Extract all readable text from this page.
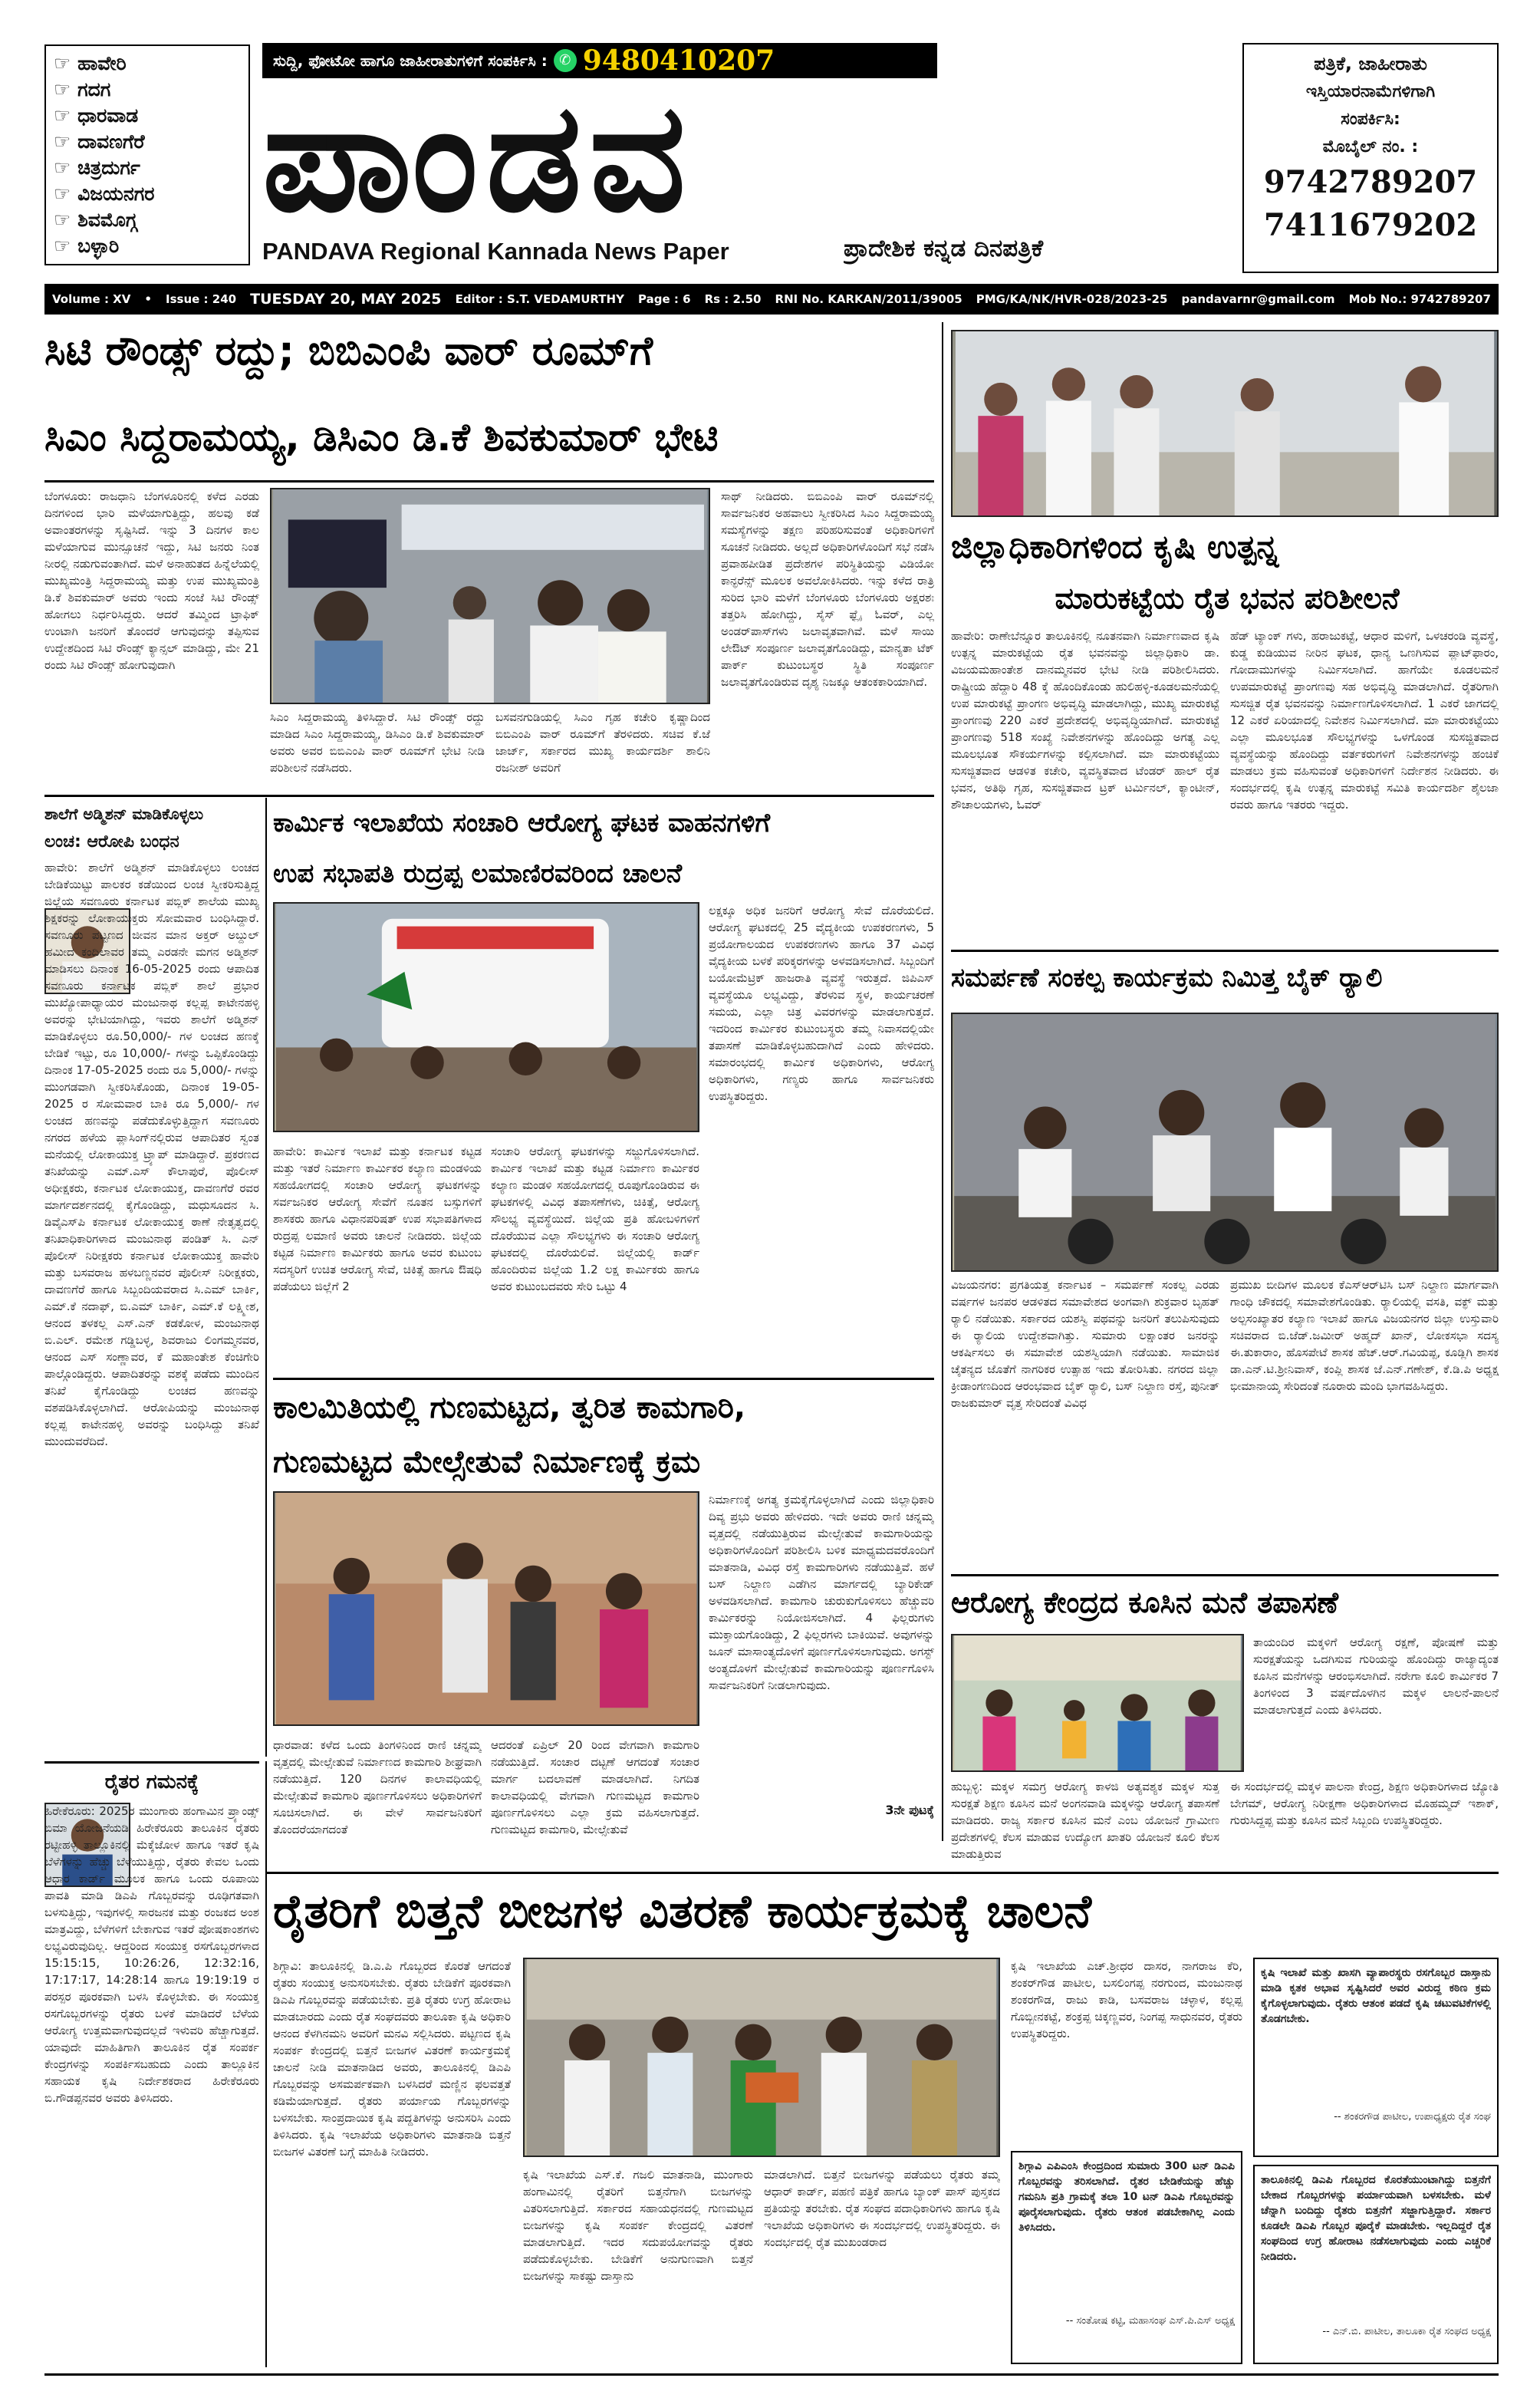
☞ ಹಾವೇರಿ
☞ ಗದಗ
☞ ಧಾರವಾಡ
☞ ದಾವಣಗೆರೆ
☞ ಚಿತ್ರದುರ್ಗ
☞ ವಿಜಯನಗರ
☞ ಶಿವಮೊಗ್ಗ
☞ ಬಳ್ಳಾರಿ
ಸುದ್ದಿ, ಫೋಟೋ ಹಾಗೂ ಜಾಹೀರಾತುಗಳಿಗೆ ಸಂಪರ್ಕಿಸಿ : ✆ 9480410207
ಪಾಂಡವ
PANDAVA Regional Kannada News Paper	ಪ್ರಾದೇಶಿಕ ಕನ್ನಡ ದಿನಪತ್ರಿಕೆ
ಪತ್ರಿಕೆ, ಜಾಹೀರಾತು
ಇಸ್ತಿಯಾರನಾಮೆಗಳಿಗಾಗಿ
ಸಂಪರ್ಕಿಸಿ:
ಮೊಬೈಲ್ ನಂ. :
9742789207
7411679202
Volume : XV • Issue : 240 TUESDAY 20, MAY 2025 Editor : S.T. VEDAMURTHY Page : 6 Rs : 2.50 RNI No. KARKAN/2011/39005 PMG/KA/NK/HVR-028/2023-25 pandavarnr@gmail.com Mob No.: 9742789207
ಸಿಟಿ ರೌಂಡ್ಸ್ ರದ್ದು; ಬಿಬಿಎಂಪಿ ವಾರ್ ರೂಮ್‌ಗೆ
ಸಿಎಂ ಸಿದ್ದರಾಮಯ್ಯ, ಡಿಸಿಎಂ ಡಿ.ಕೆ ಶಿವಕುಮಾರ್ ಭೇಟಿ
ಬೆಂಗಳೂರು: ರಾಜಧಾನಿ ಬೆಂಗಳೂರಿನಲ್ಲಿ ಕಳೆದ ಎರಡು ದಿನಗಳಿಂದ ಭಾರಿ ಮಳೆಯಾಗುತ್ತಿದ್ದು, ಹಲವು ಕಡೆ ಅವಾಂತರಗಳನ್ನು ಸೃಷ್ಟಿಸಿದೆ. ಇನ್ನು 3 ದಿನಗಳ ಕಾಲ ಮಳೆಯಾಗುವ ಮುನ್ಸೂಚನೆ ಇದ್ದು, ಸಿಟಿ ಜನರು ನಿಂತ ನೀರಲ್ಲಿ ನಡುಗುವಂತಾಗಿದೆ. ಮಳೆ ಅನಾಹುತದ ಹಿನ್ನೆಲೆಯಲ್ಲಿ ಮುಖ್ಯಮಂತ್ರಿ ಸಿದ್ದರಾಮಯ್ಯ ಮತ್ತು ಉಪ ಮುಖ್ಯಮಂತ್ರಿ ಡಿ.ಕೆ ಶಿವಕುಮಾರ್ ಅವರು ಇಂದು ಸಂಜೆ ಸಿಟಿ ರೌಂಡ್ಸ್ ಹೋಗಲು ನಿರ್ಧರಿಸಿದ್ದರು. ಆದರೆ ತಮ್ಮಿಂದ ಟ್ರಾಫಿಕ್ ಉಂಟಾಗಿ ಜನರಿಗೆ ತೊಂದರೆ ಆಗುವುದನ್ನು ತಪ್ಪಿಸುವ ಉದ್ದೇಶದಿಂದ ಸಿಟಿ ರೌಂಡ್ಸ್ ಕ್ಯಾನ್ಸಲ್ ಮಾಡಿದ್ದು, ಮೇ 21 ರಂದು ಸಿಟಿ ರೌಂಡ್ಸ್ ಹೋಗುವುದಾಗಿ
ಸಿಎಂ ಸಿದ್ದರಾಮಯ್ಯ ತಿಳಿಸಿದ್ದಾರೆ. ಸಿಟಿ ರೌಂಡ್ಸ್ ರದ್ದು ಮಾಡಿದ ಸಿಎಂ ಸಿದ್ದರಾಮಯ್ಯ, ಡಿಸಿಎಂ ಡಿ.ಕೆ ಶಿವಕುಮಾರ್ ಅವರು ಅವರ ಬಿಬಿಎಂಪಿ ವಾರ್ ರೂಮ್‌ಗೆ ಭೇಟಿ ನೀಡಿ ಪರಿಶೀಲನೆ ನಡೆಸಿದರು.
ಬಸವನಗುಡಿಯಲ್ಲಿ ಸಿಎಂ ಗೃಹ ಕಚೇರಿ ಕೃಷ್ಣಾದಿಂದ ಬಿಬಿಎಂಪಿ ವಾರ್ ರೂಮ್‌ಗೆ ತೆರಳಿದರು. ಸಚಿವ ಕೆ.ಜೆ ಜಾರ್ಜ್, ಸರ್ಕಾರದ ಮುಖ್ಯ ಕಾರ್ಯದರ್ಶಿ ಶಾಲಿನಿ ರಜನೀಶ್ ಅವರಿಗೆ
ಸಾಥ್ ನೀಡಿದರು. ಬಿಬಿಎಂಪಿ ವಾರ್ ರೂಮ್‌ನಲ್ಲಿ ಸಾರ್ವಜನಿಕರ ಅಹವಾಲು ಸ್ವೀಕರಿಸಿದ ಸಿಎಂ ಸಿದ್ದರಾಮಯ್ಯ ಸಮಸ್ಯೆಗಳನ್ನು ತಕ್ಷಣ ಪರಿಹರಿಸುವಂತೆ ಅಧಿಕಾರಿಗಳಿಗೆ ಸೂಚನೆ ನೀಡಿದರು. ಅಲ್ಲದೆ ಅಧಿಕಾರಿಗಳೊಂದಿಗೆ ಸಭೆ ನಡೆಸಿ ಪ್ರವಾಹಪೀಡಿತ ಪ್ರದೇಶಗಳ ಪರಿಸ್ಥಿತಿಯನ್ನು ವಿಡಿಯೋ ಕಾನ್ಫರೆನ್ಸ್ ಮೂಲಕ ಅವಲೋಕಿಸಿದರು. ಇನ್ನು ಕಳೆದ ರಾತ್ರಿ ಸುರಿದ ಭಾರಿ ಮಳೆಗೆ ಬೆಂಗಳೂರು ಬೆಂಗಳೂರು ಅಕ್ಷರಶಃ ತತ್ತರಿಸಿ ಹೋಗಿದ್ದು, ಸೈಸ್ ಫ್ಲೈ ಓವರ್, ಎಲ್ಲ ಅಂಡರ್‌ಪಾಸ್‌ಗಳು ಜಲಾವೃತವಾಗಿವೆ. ಮಳೆ ಸಾಯಿ ಲೇಔಟ್ ಸಂಪೂರ್ಣ ಜಲಾವೃತಗೊಂಡಿದ್ದು, ಮಾನ್ಯತಾ ಟೆಕ್ ಪಾರ್ಕ್ ಕುಟುಂಬಸ್ಥರ ಸ್ಥಿತಿ ಸಂಪೂರ್ಣ ಜಲಾವೃತಗೊಂಡಿರುವ ದೃಶ್ಯ ನಿಜಕ್ಕೂ ಆತಂಕಕಾರಿಯಾಗಿದೆ.
ಜಿಲ್ಲಾಧಿಕಾರಿಗಳಿಂದ ಕೃಷಿ ಉತ್ಪನ್ನ
ಮಾರುಕಟ್ಟೆಯ ರೈತ ಭವನ ಪರಿಶೀಲನೆ
ಹಾವೇರಿ: ರಾಣೇಬೆನ್ನೂರ ತಾಲೂಕಿನಲ್ಲಿ ನೂತನವಾಗಿ ನಿರ್ಮಾಣವಾದ ಕೃಷಿ ಉತ್ಪನ್ನ ಮಾರುಕಟ್ಟೆಯ ರೈತ ಭವನವನ್ನು ಜಿಲ್ಲಾಧಿಕಾರಿ ಡಾ. ವಿಜಯಮಹಾಂತೇಶ ದಾನಮ್ಮನವರ ಭೇಟಿ ನೀಡಿ ಪರಿಶೀಲಿಸಿದರು. ರಾಷ್ಟ್ರೀಯ ಹೆದ್ದಾರಿ 48 ಕ್ಕೆ ಹೊಂದಿಕೊಂಡು ಹುಲಿಹಳ್ಳಿ-ಕೂಡಲಮನೆಯಲ್ಲಿ ಉಪ ಮಾರುಕಟ್ಟೆ ಪ್ರಾಂಗಣ ಅಭಿವೃದ್ಧಿ ಮಾಡಲಾಗಿದ್ದು, ಮುಖ್ಯ ಮಾರುಕಟ್ಟೆ ಪ್ರಾಂಗಣವು 220 ಎಕರೆ ಪ್ರದೇಶದಲ್ಲಿ ಅಭಿವೃದ್ಧಿಯಾಗಿದೆ. ಮಾರುಕಟ್ಟೆ ಪ್ರಾಂಗಣವು 518 ಸಂಖ್ಯೆ ನಿವೇಶನಗಳನ್ನು ಹೊಂದಿದ್ದು ಅಗತ್ಯ ಎಲ್ಲ ಮೂಲಭೂತ ಸೌಕರ್ಯಗಳನ್ನು ಕಲ್ಪಿಸಲಾಗಿದೆ. ಮಾ ಮಾರುಕಟ್ಟೆಯು ಸುಸಜ್ಜಿತವಾದ ಆಡಳಿತ ಕಚೇರಿ, ವ್ಯವಸ್ಥಿತವಾದ ಟೆಂಡರ್ ಹಾಲ್ ರೈತ ಭವನ, ಅತಿಥಿ ಗೃಹ, ಸುಸಜ್ಜಿತವಾದ ಟ್ರಕ್ ಟರ್ಮಿನಲ್, ಕ್ಯಾಂಟೀನ್, ಶೌಚಾಲಯಗಳು, ಓವರ್
ಹೆಡ್ ಟ್ಯಾಂಕ್ ಗಳು, ಹರಾಜುಕಟ್ಟೆ, ಆಧಾರ ಮಳಿಗೆ, ಒಳಚರಂಡಿ ವ್ಯವಸ್ಥೆ, ಕುಡ್ಡ ಕುಡಿಯುವ ನೀರಿನ ಘಟಕ, ಧಾನ್ಯ ಒಣಗಿಸುವ ಪ್ಲಾಟ್‌ಫಾರಂ, ಗೋದಾಮುಗಳನ್ನು ನಿರ್ಮಿಸಲಾಗಿದೆ. ಹಾಗೆಯೇ ಕೂಡಲಮನೆ ಉಪಮಾರುಕಟ್ಟೆ ಪ್ರಾಂಗಣವು ಸಹ ಅಭಿವೃದ್ಧಿ ಮಾಡಲಾಗಿದೆ. ರೈತರಿಗಾಗಿ ಸುಸಜ್ಜಿತ ರೈತ ಭವನವನ್ನು ನಿರ್ಮಾಣಗೊಳಿಸಲಾಗಿದೆ. 1 ಎಕರೆ ಜಾಗದಲ್ಲಿ 12 ಎಕರೆ ಏರಿಯಾದಲ್ಲಿ ನಿವೇಶನ ನಿರ್ಮಿಸಲಾಗಿದೆ. ಮಾ ಮಾರುಕಟ್ಟೆಯು ಎಲ್ಲಾ ಮೂಲಭೂತ ಸೌಲಭ್ಯಗಳನ್ನು ಒಳಗೊಂಡ ಸುಸಜ್ಜಿತವಾದ ವ್ಯವಸ್ಥೆಯನ್ನು ಹೊಂದಿದ್ದು ವರ್ತಕರುಗಳಿಗೆ ನಿವೇಶನಗಳನ್ನು ಹಂಚಿಕೆ ಮಾಡಲು ಕ್ರಮ ವಹಿಸುವಂತೆ ಅಧಿಕಾರಿಗಳಿಗೆ ನಿರ್ದೇಶನ ನೀಡಿದರು. ಈ ಸಂದರ್ಭದಲ್ಲಿ ಕೃಷಿ ಉತ್ಪನ್ನ ಮಾರುಕಟ್ಟೆ ಸಮಿತಿ ಕಾರ್ಯದರ್ಶಿ ಶೈಲಜಾ ರವರು ಹಾಗೂ ಇತರರು ಇದ್ದರು.
ಶಾಲೆಗೆ ಅಡ್ಮಿಶನ್ ಮಾಡಿಕೊಳ್ಳಲು
ಲಂಚ: ಆರೋಪಿ ಬಂಧನ
ಹಾವೇರಿ: ಶಾಲೆಗೆ ಅಡ್ಮಿಶನ್ ಮಾಡಿಕೊಳ್ಳಲು ಲಂಚದ ಬೇಡಿಕೆಯಿಟ್ಟು ಪಾಲಕರ ಕಡೆಯಿಂದ ಲಂಚ ಸ್ವೀಕರಿಸುತ್ತಿದ್ದ ಜಿಲ್ಲೆಯ ಸವಣೂರು ಕರ್ನಾಟಕ ಪಬ್ಲಿಕ್ ಶಾಲೆಯ ಮುಖ್ಯ ಶಿಕ್ಷಕರನ್ನು ಲೋಕಾಯುಕ್ತರು ಸೋಮವಾರ ಬಂಧಿಸಿದ್ದಾರೆ. ಸವಣೂರು ಪಟ್ಟಣದ ಜೀವನ ಮಾನ ಅಕ್ತರ್ ಅಬ್ದುಲ್ ಹಮೀದ ಕಂದಿಲಾವರ ತಮ್ಮ ಎರಡನೇ ಮಗನ ಅಡ್ಮಿಶನ್ ಮಾಡಿಸಲು ದಿನಾಂಕ 16-05-2025 ರಂದು ಆಪಾದಿತ ಸವಣೂರು ಕರ್ನಾಟಕ ಪಬ್ಲಿಕ್ ಶಾಲೆ ಪ್ರಭಾರ ಮುಖ್ಯೋಪಾಧ್ಯಾಯರ ಮಂಜುನಾಥ ಕಲ್ಲಪ್ಪ ಕಾಟೇನಹಳ್ಳಿ ಅವರನ್ನು ಭೇಟಿಯಾಗಿದ್ದು, ಇವರು ಶಾಲೆಗೆ ಅಡ್ಮಿಶನ್ ಮಾಡಿಕೊಳ್ಳಲು ರೂ.50,000/- ಗಳ ಲಂಚದ ಹಣಕ್ಕೆ ಬೇಡಿಕೆ ಇಟ್ಟು, ರೂ 10,000/- ಗಳನ್ನು ಒಪ್ಪಿಕೊಂಡಿದ್ದು ದಿನಾಂಕ 17-05-2025 ರಂದು ರೂ 5,000/- ಗಳನ್ನು ಮುಂಗಡವಾಗಿ ಸ್ವೀಕರಿಸಿಕೊಂಡು, ದಿನಾಂಕ 19-05-2025 ರ ಸೋಮವಾರ ಬಾಕಿ ರೂ 5,000/- ಗಳ ಲಂಚದ ಹಣವನ್ನು ಪಡೆದುಕೊಳ್ಳುತ್ತಿದ್ದಾಗ ಸವಣೂರು ನಗರದ ಹಳೆಯ ಪ್ಲಾಸಿಂಗ್‌ನಲ್ಲಿರುವ ಆಪಾದಿತರ ಸ್ವಂತ ಮನೆಯಲ್ಲಿ ಲೋಕಾಯುಕ್ತ ಟ್ರ್ಯಾಪ್ ಮಾಡಿದ್ದಾರೆ. ಪ್ರಕರಣದ ತನಿಖೆಯನ್ನು ಎಮ್.ಎಸ್ ಕೌಲಾಪುರೆ, ಪೊಲೀಸ್ ಅಧೀಕ್ಷಕರು, ಕರ್ನಾಟಕ ಲೋಕಾಯುಕ್ತ, ದಾವಣಗೆರೆ ರವರ ಮಾರ್ಗದರ್ಶನದಲ್ಲಿ ಕೈಗೊಂಡಿದ್ದು, ಮಧುಸೂದನ ಸಿ. ಡಿವೈಎಸ್‌ಪಿ ಕರ್ನಾಟಕ ಲೋಕಾಯುಕ್ತ ಠಾಣೆ ನೇತೃತ್ವದಲ್ಲಿ ತನಿಖಾಧಿಕಾರಿಗಳಾದ ಮಂಜುನಾಥ ಪಂಡಿತ್ ಸಿ. ಎನ್ ಪೊಲೀಸ್ ನಿರೀಕ್ಷಕರು ಕರ್ನಾಟಕ ಲೋಕಾಯುಕ್ತ ಹಾವೇರಿ ಮತ್ತು ಬಸವರಾಜ ಹಳಬಣ್ಣನವರ ಪೊಲೀಸ್ ನಿರೀಕ್ಷಕರು, ದಾವಣಗೆರೆ ಹಾಗೂ ಸಿಬ್ಬಂದಿಯವರಾದ ಸಿ.ಎಮ್ ಬಾರ್ಕಿ, ಎಮ್.ಕೆ ನದಾಫ್, ಬಿ.ಎಮ್ ಬಾರ್ಕಿ, ಎಮ್.ಕೆ ಲಕ್ಷ್ಮೀಶ, ಆನಂದ ತಳಕಲ್ಲ ಎಸ್.ಎನ್ ಕಡಕೋಳ, ಮಂಜುನಾಥ ಬಿ.ಎಲ್. ರಮೇಶ ಗಡ್ಡಿಬಳ್ಳ, ಶಿವರಾಜು ಲಿಂಗಮ್ಮನವರ, ಆನಂದ ಎಸ್ ಸಂಣ್ಣಾವರ, ಕೆ ಮಹಾಂತೇಶ ಕೆಂಚಿಗೇರಿ ಪಾಲ್ಗೊಂಡಿದ್ದರು. ಆಪಾದಿತರನ್ನು ವಶಕ್ಕೆ ಪಡೆದು ಮುಂದಿನ ತನಿಖೆ ಕೈಗೊಂಡಿದ್ದು ಲಂಚದ ಹಣವನ್ನು ವಶಪಡಿಸಿಕೊಳ್ಳಲಾಗಿದೆ. ಆರೋಪಿಯನ್ನು ಮಂಜುನಾಥ ಕಲ್ಲಪ್ಪ ಕಾಟೇನಹಳ್ಳಿ ಅವರನ್ನು ಬಂಧಿಸಿದ್ದು ತನಿಖೆ ಮುಂದುವರೆದಿದೆ.
ಕಾರ್ಮಿಕ ಇಲಾಖೆಯ ಸಂಚಾರಿ ಆರೋಗ್ಯ ಘಟಕ ವಾಹನಗಳಿಗೆ
ಉಪ ಸಭಾಪತಿ ರುದ್ರಪ್ಪ ಲಮಾಣಿರವರಿಂದ ಚಾಲನೆ
ಲಕ್ಷಕ್ಕೂ ಅಧಿಕ ಜನರಿಗೆ ಆರೋಗ್ಯ ಸೇವೆ ದೊರೆಯಲಿದೆ. ಆರೋಗ್ಯ ಘಟಕದಲ್ಲಿ 25 ವೈದ್ಯಕೀಯ ಉಪಕರಣಗಳು, 5 ಪ್ರಯೋಗಾಲಯದ ಉಪಕರಣಗಳು ಹಾಗೂ 37 ವಿವಿಧ ವೈದ್ಯಕೀಯ ಬಳಕೆ ಪರಿಕ್ಕರಗಳನ್ನು ಅಳವಡಿಸಲಾಗಿದೆ. ಸಿಬ್ಬಂದಿಗೆ ಬಯೋಮೆಟ್ರಿಕ್ ಹಾಜರಾತಿ ವ್ಯವಸ್ಥೆ ಇರುತ್ತದೆ. ಜಿಪಿಎಸ್ ವ್ಯವಸ್ಥೆಯೂ ಲಭ್ಯವಿದ್ದು, ತೆರಳುವ ಸ್ಥಳ, ಕಾರ್ಯಚರಣೆ ಸಮಯ, ಎಲ್ಲಾ ಚಿತ್ರ ವಿವರಗಳನ್ನು ಮಾಡಲಾಗುತ್ತದೆ. ಇದರಿಂದ ಕಾರ್ಮಿಕರ ಕುಟುಂಬಸ್ಥರು ತಮ್ಮ ನಿವಾಸದಲ್ಲಿಯೇ ತಪಾಸಣೆ ಮಾಡಿಕೊಳ್ಳಬಹುದಾಗಿದೆ ಎಂದು ಹೇಳಿದರು. ಸಮಾರಂಭದಲ್ಲಿ ಕಾರ್ಮಿಕ ಅಧಿಕಾರಿಗಳು, ಆರೋಗ್ಯ ಅಧಿಕಾರಿಗಳು, ಗಣ್ಯರು ಹಾಗೂ ಸಾರ್ವಜನಿಕರು ಉಪಸ್ಥಿತರಿದ್ದರು.
ಹಾವೇರಿ: ಕಾರ್ಮಿಕ ಇಲಾಖೆ ಮತ್ತು ಕರ್ನಾಟಕ ಕಟ್ಟಡ ಮತ್ತು ಇತರೆ ನಿರ್ಮಾಣ ಕಾರ್ಮಿಕರ ಕಲ್ಯಾಣ ಮಂಡಳಿಯ ಸಹಯೋಗದಲ್ಲಿ ಸಂಚಾರಿ ಆರೋಗ್ಯ ಘಟಕಗಳನ್ನು ಸರ್ವಜನಿಕರ ಆರೋಗ್ಯ ಸೇವೆಗೆ ನೂತನ ಬಸ್ಸುಗಳಿಗೆ ಶಾಸಕರು ಹಾಗೂ ವಿಧಾನಪರಿಷತ್ ಉಪ ಸಭಾಪತಿಗಳಾದ ರುದ್ರಪ್ಪ ಲಮಾಣಿ ಅವರು ಚಾಲನೆ ನೀಡಿದರು. ಜಿಲ್ಲೆಯ ಕಟ್ಟಡ ನಿರ್ಮಾಣ ಕಾರ್ಮಿಕರು ಹಾಗೂ ಅವರ ಕುಟುಂಬ ಸದಸ್ಯರಿಗೆ ಉಚಿತ ಆರೋಗ್ಯ ಸೇವೆ, ಚಿಕಿತ್ಸೆ ಹಾಗೂ ಔಷಧಿ ಪಡೆಯಲು ಜಿಲ್ಲೆಗೆ 2
ಸಂಚಾರಿ ಆರೋಗ್ಯ ಘಟಕಗಳನ್ನು ಸಜ್ಜುಗೊಳಿಸಲಾಗಿದೆ. ಕಾರ್ಮಿಕ ಇಲಾಖೆ ಮತ್ತು ಕಟ್ಟಡ ನಿರ್ಮಾಣ ಕಾರ್ಮಿಕರ ಕಲ್ಯಾಣ ಮಂಡಳಿ ಸಹಯೋಗದಲ್ಲಿ ರೂಪುಗೊಂಡಿರುವ ಈ ಘಟಕಗಳಲ್ಲಿ ವಿವಿಧ ತಪಾಸಣೆಗಳು, ಚಿಕಿತ್ಸೆ, ಆರೋಗ್ಯ ಸೌಲಭ್ಯ ವ್ಯವಸ್ಥೆಯಿದೆ. ಜಿಲ್ಲೆಯ ಪ್ರತಿ ಹೋಬಳಿಗಳಿಗೆ ದೊರೆಯುವ ಎಲ್ಲಾ ಸೌಲಭ್ಯಗಳು ಈ ಸಂಚಾರಿ ಆರೋಗ್ಯ ಘಟಕದಲ್ಲಿ ದೊರೆಯಲಿವೆ. ಜಿಲ್ಲೆಯಲ್ಲಿ ಕಾರ್ಡ್ ಹೊಂದಿರುವ ಜಿಲ್ಲೆಯ 1.2 ಲಕ್ಷ ಕಾರ್ಮಿಕರು ಹಾಗೂ ಅವರ ಕುಟುಂಬದವರು ಸೇರಿ ಒಟ್ಟು 4
ಸಮರ್ಪಣೆ ಸಂಕಲ್ಪ ಕಾರ್ಯಕ್ರಮ ನಿಮಿತ್ತ ಬೈಕ್ ರ‍್ಯಾಲಿ
ವಿಜಯನಗರ: ಪ್ರಗತಿಯತ್ತ ಕರ್ನಾಟಕ – ಸಮರ್ಪಣೆ ಸಂಕಲ್ಪ ಎರಡು ವರ್ಷಗಳ ಜನಪರ ಆಡಳಿತದ ಸಮಾವೇಶದ ಅಂಗವಾಗಿ ಶುಕ್ರವಾರ ಬೃಹತ್ ರ‍್ಯಾಲಿ ನಡೆಯಿತು. ಸರ್ಕಾರದ ಯಶಸ್ವಿ ಪಥವನ್ನು ಜನರಿಗೆ ತಲುಪಿಸುವುದು ಈ ರ‍್ಯಾಲಿಯ ಉದ್ದೇಶವಾಗಿತ್ತು. ಸುಮಾರು ಲಕ್ಷಾಂತರ ಜನರನ್ನು ಆಕರ್ಷಿಸಲು ಈ ಸಮಾವೇಶ ಯಶಸ್ವಿಯಾಗಿ ನಡೆಯಿತು. ಸಾಮಾಜಿಕ ಚೈತನ್ಯದ ಜೊತೆಗೆ ನಾಗರಿಕರ ಉತ್ಸಾಹ ಇದು ತೋರಿಸಿತು. ನಗರದ ಜಿಲ್ಲಾ ಕ್ರೀಡಾಂಗಣದಿಂದ ಆರಂಭವಾದ ಬೈಕ್ ರ‍್ಯಾಲಿ, ಬಸ್ ನಿಲ್ದಾಣ ರಸ್ತೆ, ಪುನೀತ್ ರಾಜಕುಮಾರ್ ವೃತ್ತ ಸೇರಿದಂತೆ ವಿವಿಧ
ಪ್ರಮುಖ ಬೀದಿಗಳ ಮೂಲಕ ಕೆಎಸ್‌ಆರ್‌ಟಿಸಿ ಬಸ್ ನಿಲ್ದಾಣ ಮಾರ್ಗವಾಗಿ ಗಾಂಧಿ ಚೌಕದಲ್ಲಿ ಸಮಾವೇಶಗೊಂಡಿತು. ರ‍್ಯಾಲಿಯಲ್ಲಿ ವಸತಿ, ವಕ್ಫ್ ಮತ್ತು ಅಲ್ಪಸಂಖ್ಯಾತರ ಕಲ್ಯಾಣ ಇಲಾಖೆ ಹಾಗೂ ವಿಜಯನಗರ ಜಿಲ್ಲಾ ಉಸ್ತುವಾರಿ ಸಚಿವರಾದ ಬಿ.ಜೆಡ್.ಜಮೀರ್ ಅಹ್ಮದ್ ಖಾನ್, ಲೋಕಸಭಾ ಸದಸ್ಯ ಈ.ತುಕಾರಾಂ, ಹೊಸಪೇಟೆ ಶಾಸಕ ಹೆಚ್.ಆರ್.ಗವಿಯಪ್ಪ, ಕೂಡ್ಲಿಗಿ ಶಾಸಕ ಡಾ.ಎನ್.ಟಿ.ಶ್ರೀನಿವಾಸ್, ಕಂಪ್ಲಿ ಶಾಸಕ ಜೆ.ಎನ್.ಗಣೇಶ್, ಕೆ.ಡಿ.ಪಿ ಅಧ್ಯಕ್ಷ ಭೀಮಾನಾಯ್ಕ ಸೇರಿದಂತೆ ನೂರಾರು ಮಂದಿ ಭಾಗವಹಿಸಿದ್ದರು.
ಕಾಲಮಿತಿಯಲ್ಲಿ ಗುಣಮಟ್ಟದ, ತ್ವರಿತ ಕಾಮಗಾರಿ,
ಗುಣಮಟ್ಟದ ಮೇಲ್ಸೇತುವೆ ನಿರ್ಮಾಣಕ್ಕೆ ಕ್ರಮ
ನಿರ್ಮಾಣಕ್ಕೆ ಅಗತ್ಯ ಕ್ರಮಕೈಗೊಳ್ಳಲಾಗಿದೆ ಎಂದು ಜಿಲ್ಲಾಧಿಕಾರಿ ದಿವ್ಯ ಪ್ರಭು ಅವರು ಹೇಳಿದರು. ಇದೇ ಅವರು ರಾಣಿ ಚನ್ನಮ್ಮ ವೃತ್ತದಲ್ಲಿ ನಡೆಯುತ್ತಿರುವ ಮೇಲ್ಸೇತುವೆ ಕಾಮಗಾರಿಯನ್ನು ಅಧಿಕಾರಿಗಳೊಂದಿಗೆ ಪರಿಶೀಲಿಸಿ ಬಳಿಕ ಮಾಧ್ಯಮದವರೊಂದಿಗೆ ಮಾತನಾಡಿ, ವಿವಿಧ ರಸ್ತೆ ಕಾಮಗಾರಿಗಳು ನಡೆಯುತ್ತಿವೆ. ಹಳೆ ಬಸ್ ನಿಲ್ದಾಣ ಎಡೆಗಿನ ಮಾರ್ಗದಲ್ಲಿ ಬ್ಯಾರಿಕೇಡ್ ಅಳವಡಿಸಲಾಗಿದೆ. ಕಾಮಗಾರಿ ಚುರುಕುಗೊಳಿಸಲು ಹೆಚ್ಚುವರಿ ಕಾರ್ಮಿಕರನ್ನು ನಿಯೋಜಿಸಲಾಗಿದೆ. 4 ಫಿಲ್ಲರುಗಳು ಮುಕ್ತಾಯಗೊಂಡಿದ್ದು, 2 ಫಿಲ್ಲರಗಳು ಬಾಕಿಯಿವೆ. ಅವುಗಳನ್ನು ಜೂನ್‌ ಮಾಸಾಂತ್ಯದೊಳಗೆ ಪೂರ್ಣಗೊಳಿಸಲಾಗುವುದು. ಅಗಸ್ಟ್ ಅಂತ್ಯದೊಳಗೆ ಮೇಲ್ಸೇತುವೆ ಕಾಮಗಾರಿಯನ್ನು ಪೂರ್ಣಗೊಳಿಸಿ ಸಾರ್ವಜನಿಕರಿಗೆ ನೀಡಲಾಗುವುದು.
ಧಾರವಾಡ: ಕಳೆದ ಒಂದು ತಿಂಗಳಿನಿಂದ ರಾಣಿ ಚನ್ನಮ್ಮ ವೃತ್ತದಲ್ಲಿ ಮೇಲ್ಸೇತುವೆ ನಿರ್ಮಾಣದ ಕಾಮಗಾರಿ ಶೀಘ್ರವಾಗಿ ನಡೆಯುತ್ತಿದೆ. 120 ದಿನಗಳ ಕಾಲಾವಧಿಯಲ್ಲಿ ಮೇಲ್ಸೇತುವೆ ಕಾಮಗಾರಿ ಪೂರ್ಣಗೊಳಿಸಲು ಅಧಿಕಾರಿಗಳಿಗೆ ಸೂಚಿಸಲಾಗಿದೆ. ಈ ವೇಳೆ ಸಾರ್ವಜನಿಕರಿಗೆ ತೊಂದರೆಯಾಗದಂತೆ
ಆದರಂತೆ ಏಪ್ರಿಲ್ 20 ರಿಂದ ವೇಗವಾಗಿ ಕಾಮಗಾರಿ ನಡೆಯುತ್ತಿದೆ. ಸಂಚಾರ ದಟ್ಟಣೆ ಆಗದಂತೆ ಸಂಚಾರ ಮಾರ್ಗ ಬದಲಾವಣೆ ಮಾಡಲಾಗಿದೆ. ನಿಗದಿತ ಕಾಲಾವಧಿಯಲ್ಲಿ ವೇಗವಾಗಿ ಗುಣಮಟ್ಟದ ಕಾಮಗಾರಿ ಪೂರ್ಣಗೊಳಿಸಲು ಎಲ್ಲಾ ಕ್ರಮ ವಹಿಸಲಾಗುತ್ತದೆ. ಗುಣಮಟ್ಟದ ಕಾಮಗಾರಿ, ಮೇಲ್ಸೇತುವೆ
3ನೇ ಪುಟಕ್ಕೆ
ಆರೋಗ್ಯ ಕೇಂದ್ರದ ಕೂಸಿನ ಮನೆ ತಪಾಸಣೆ
ತಾಯಂದಿರ ಮಕ್ಕಳಿಗೆ ಆರೋಗ್ಯ ರಕ್ಷಣೆ, ಪೋಷಣೆ ಮತ್ತು ಸುರಕ್ಷತೆಯನ್ನು ಒದಗಿಸುವ ಗುರಿಯನ್ನು ಹೊಂದಿದ್ದು ರಾಜ್ಯಾದ್ಯಂತ ಕೂಸಿನ ಮನೆಗಳನ್ನು ಆರಂಭಿಸಲಾಗಿದೆ. ನರೇಗಾ ಕೂಲಿ ಕಾರ್ಮಿಕರ 7 ತಿಂಗಳಿಂದ 3 ವರ್ಷದೊಳಗಿನ ಮಕ್ಕಳ ಲಾಲನೆ-ಪಾಲನೆ ಮಾಡಲಾಗುತ್ತದೆ ಎಂದು ತಿಳಿಸಿದರು.
ಹುಬ್ಬಳ್ಳಿ: ಮಕ್ಕಳ ಸಮಗ್ರ ಆರೋಗ್ಯ ಕಾಳಜಿ ಅತ್ಯವಶ್ಯಕ ಮಕ್ಕಳ ಸುತ್ತ ಸುರಕ್ಷತೆ ಶಿಕ್ಷಣ ಕೂಸಿನ ಮನೆ ಅಂಗನವಾಡಿ ಮಕ್ಕಳನ್ನು ಆರೋಗ್ಯ ತಪಾಸಣೆ ಮಾಡಿದರು. ರಾಜ್ಯ ಸರ್ಕಾರ ಕೂಸಿನ ಮನೆ ಎಂಬ ಯೋಜನೆ ಗ್ರಾಮೀಣ ಪ್ರದೇಶಗಳಲ್ಲಿ ಕೆಲಸ ಮಾಡುವ ಉದ್ಯೋಗ ಖಾತರಿ ಯೋಜನೆ ಕೂಲಿ ಕೆಲಸ ಮಾಡುತ್ತಿರುವ
ಈ ಸಂದರ್ಭದಲ್ಲಿ ಮಕ್ಕಳ ಪಾಲನಾ ಕೇಂದ್ರ, ಶಿಕ್ಷಣ ಅಧಿಕಾರಿಗಳಾದ ಜ್ಯೋತಿ ಬೇಗಮ್, ಆರೋಗ್ಯ ನಿರೀಕ್ಷಣಾ ಅಧಿಕಾರಿಗಳಾದ ಮೊಹಮ್ಮದ್ ಇಶಾಕ್, ಗುರುಸಿದ್ದಪ್ಪ ಮತ್ತು ಕೂಸಿನ ಮನೆ ಸಿಬ್ಬಂದಿ ಉಪಸ್ಥಿತರಿದ್ದರು.
ರೈತರ ಗಮನಕ್ಕೆ
ಹಿರೇಕೆರೂರು: 2025ರ ಮುಂಗಾರು ಹಂಗಾಮಿನ ಪ್ರ್ಯಾಂಡ್ಸ್‌ ಬಿಮಾ ಯೋಜನೆಯಡಿ ಹಿರೇಕೆರೂರು ತಾಲೂಕಿನ ರೈತರು ರಟ್ಟೀಹಳ್ಳಿ ತಾಲ್ಲೂಕಿನಲ್ಲಿ ಮೆಕ್ಕೆಜೋಳ ಹಾಗೂ ಇತರೆ ಕೃಷಿ ಬೆಳೆಗಳನ್ನು ಹೆಚ್ಚು ಬೆಳೆಯುತ್ತಿದ್ದು, ರೈತರು ಕೇವಲ ಒಂದು ಆಧಾರ ಕಾರ್ಡ್ ಮೂಲಕ ಹಾಗೂ ಒಂದು ರೂಪಾಯಿ ಪಾವತಿ ಮಾಡಿ ಡಿಎಪಿ ಗೊಬ್ಬರವನ್ನು ರೂಢಿಗತವಾಗಿ ಬಳಸುತ್ತಿದ್ದು, ಇವುಗಳಲ್ಲಿ ಸಾರಜನಕ ಮತ್ತು ರಂಜಕದ ಅಂಶ ಮಾತ್ರವಿದ್ದು, ಬೆಳೆಗಳಿಗೆ ಬೇಕಾಗುವ ಇತರೆ ಪೋಷಕಾಂಶಗಳು ಲಭ್ಯವಿರುವುದಿಲ್ಲ. ಆದ್ದರಿಂದ ಸಂಯುಕ್ತ ರಸಗೊಬ್ಬರಗಳಾದ 15:15:15, 10:26:26, 12:32:16, 17:17:17, 14:28:14 ಹಾಗೂ 19:19:19 ರ ಪರಸ್ಪರ ಪೂರಕವಾಗಿ ಬಳಸಿ ಕೊಳ್ಳಬೇಕು. ಈ ಸಂಯುಕ್ತ ರಸಗೊಬ್ಬರಗಳನ್ನು ರೈತರು ಬಳಕೆ ಮಾಡಿದರೆ ಬೆಳೆಯ ಆರೋಗ್ಯ ಉತ್ತಮವಾಗುವುದಲ್ಲದೆ ಇಳುವರಿ ಹೆಚ್ಚಾಗುತ್ತದೆ. ಯಾವುದೇ ಮಾಹಿತಿಗಾಗಿ ತಾಲೂಕಿನ ರೈತ ಸಂಪರ್ಕ ಕೇಂದ್ರಗಳನ್ನು ಸಂಪರ್ಕಿಸಬಹುದು ಎಂದು ತಾಲ್ಲೂಕಿನ ಸಹಾಯಕ ಕೃಷಿ ನಿರ್ದೇಶಕರಾದ ಹಿರೇಕೆರೂರು ಬಿ.ಗೌಡಪ್ಪನವರ ಅವರು ತಿಳಿಸಿದರು.
ರೈತರಿಗೆ ಬಿತ್ತನೆ ಬೀಜಗಳ ವಿತರಣೆ ಕಾರ್ಯಕ್ರಮಕ್ಕೆ ಚಾಲನೆ
ಶಿಗ್ಗಾವಿ: ತಾಲೂಕಿನಲ್ಲಿ ಡಿ.ಎ.ಪಿ ಗೊಬ್ಬರದ ಕೊರತೆ ಆಗದಂತೆ ರೈತರು ಸಂಯುಕ್ತ ಅನುಸರಿಸಬೇಕು. ರೈತರು ಬೇಡಿಕೆಗೆ ಪೂರಕವಾಗಿ ಡಿಎಪಿ ಗೊಬ್ಬರವನ್ನು ಪಡೆಯಬೇಕು. ಪ್ರತಿ ರೈತರು ಉಗ್ರ ಹೋರಾಟ ಮಾಡಬಾರದು ಎಂದು ರೈತ ಸಂಘದವರು ತಾಲೂಕಾ ಕೃಷಿ ಅಧಿಕಾರಿ ಆನಂದ ಕೆಳಗಿನಮನಿ ಅವರಿಗೆ ಮನವಿ ಸಲ್ಲಿಸಿದರು. ಪಟ್ಟಣದ ಕೃಷಿ ಸಂಪರ್ಕ ಕೇಂದ್ರದಲ್ಲಿ ಬಿತ್ತನೆ ಬೀಜಗಳ ವಿತರಣೆ ಕಾರ್ಯಕ್ರಮಕ್ಕೆ ಚಾಲನೆ ನೀಡಿ ಮಾತನಾಡಿದ ಅವರು, ತಾಲೂಕಿನಲ್ಲಿ ಡಿಎಪಿ ಗೊಬ್ಬರವನ್ನು ಅಸಮರ್ಪಕವಾಗಿ ಬಳಸಿದರೆ ಮಣ್ಣಿನ ಫಲವತ್ತತೆ ಕಡಿಮೆಯಾಗುತ್ತದೆ. ರೈತರು ಪರ್ಯಾಯ ಗೊಬ್ಬರಗಳನ್ನು ಬಳಸಬೇಕು. ಸಾಂಪ್ರದಾಯಿಕ ಕೃಷಿ ಪದ್ದತಿಗಳನ್ನು ಅನುಸರಿಸಿ ಎಂದು ತಿಳಿಸಿದರು. ಕೃಷಿ ಇಲಾಖೆಯ ಅಧಿಕಾರಿಗಳು ಮಾತನಾಡಿ ಬಿತ್ತನೆ ಬೀಜಗಳ ವಿತರಣೆ ಬಗ್ಗೆ ಮಾಹಿತಿ ನೀಡಿದರು.
ಕೃಷಿ ಇಲಾಖೆಯ ಎಸ್.ಕೆ. ಗಜಲಿ ಮಾತನಾಡಿ, ಮುಂಗಾರು ಹಂಗಾಮಿನಲ್ಲಿ ರೈತರಿಗೆ ಬಿತ್ತನೆಗಾಗಿ ಬೀಜಗಳನ್ನು ವಿತರಿಸಲಾಗುತ್ತಿದೆ. ಸರ್ಕಾರದ ಸಹಾಯಧನದಲ್ಲಿ ಗುಣಮಟ್ಟದ ಬೀಜಗಳನ್ನು ಕೃಷಿ ಸಂಪರ್ಕ ಕೇಂದ್ರದಲ್ಲಿ ವಿತರಣೆ ಮಾಡಲಾಗುತ್ತಿದೆ. ಇದರ ಸದುಪಯೋಗವನ್ನು ರೈತರು ಪಡೆದುಕೊಳ್ಳಬೇಕು. ಬೇಡಿಕೆಗೆ ಅನುಗುಣವಾಗಿ ಬಿತ್ತನೆ ಬೀಜಗಳನ್ನು ಸಾಕಷ್ಟು ದಾಸ್ತಾನು
ಮಾಡಲಾಗಿದೆ. ಬಿತ್ತನೆ ಬೀಜಗಳನ್ನು ಪಡೆಯಲು ರೈತರು ತಮ್ಮ ಆಧಾರ್ ಕಾರ್ಡ್, ಪಹಣಿ ಪತ್ರಿಕೆ ಹಾಗೂ ಬ್ಯಾಂಕ್ ಪಾಸ್ ಪುಸ್ತಕದ ಪ್ರತಿಯನ್ನು ತರಬೇಕು. ರೈತ ಸಂಘದ ಪದಾಧಿಕಾರಿಗಳು ಹಾಗೂ ಕೃಷಿ ಇಲಾಖೆಯ ಅಧಿಕಾರಿಗಳು ಈ ಸಂದರ್ಭದಲ್ಲಿ ಉಪಸ್ಥಿತರಿದ್ದರು. ಈ ಸಂದರ್ಭದಲ್ಲಿ ರೈತ ಮುಖಂಡರಾದ
ಕೃಷಿ ಇಲಾಖೆಯ ಎಚ್.ಶ್ರೀಧರ ದಾಸರ, ನಾಗರಾಜ ಕೆರಿ, ಶಂಕರ್‌ಗೌಡ ಪಾಟೀಲ, ಬಸಲಿಂಗಪ್ಪ ನರಗುಂದ, ಮಂಜುನಾಥ ಶಂಕರಗೌಡ, ರಾಜು ಕಾಡಿ, ಬಸವರಾಜ ಚಳ್ಳಾಳ, ಕಲ್ಲಪ್ಪ ಗೊಬ್ಬೀನಕಟ್ಟೆ, ಶಂಕ್ರಪ್ಪ ಚಿಕ್ಕಣ್ಣವರ, ನಿಂಗಪ್ಪ ಸಾಧುನವರ, ರೈತರು ಉಪಸ್ಥಿತರಿದ್ದರು.
ಶಿಗ್ಗಾವಿ ಎಪಿಎಂಸಿ ಕೇಂದ್ರದಿಂದ ಸುಮಾರು 300 ಟನ್ ಡಿಎಪಿ ಗೊಬ್ಬರವನ್ನು ತರಿಸಲಾಗಿದೆ. ರೈತರ ಬೇಡಿಕೆಯನ್ನು ಹೆಚ್ಚು ಗಮನಿಸಿ ಪ್ರತಿ ಗ್ರಾಮಕ್ಕೆ ತಲಾ 10 ಟನ್ ಡಿಎಪಿ ಗೊಬ್ಬರವನ್ನು ಪೂರೈಸಲಾಗುವುದು. ರೈತರು ಆತಂಕ ಪಡಬೇಕಾಗಿಲ್ಲ ಎಂದು ತಿಳಿಸಿದರು.
-- ಸಂತೋಷ ಕಟ್ಟಿ, ಮಹಾಸಂಘ ಎಸ್.ಪಿ.ಎಸ್ ಅಧ್ಯಕ್ಷ
ಕೃಷಿ ಇಲಾಖೆ ಮತ್ತು ಖಾಸಗಿ ವ್ಯಾಪಾರಸ್ಥರು ರಸಗೊಬ್ಬರ ದಾಸ್ತಾನು ಮಾಡಿ ಕೃತಕ ಅಭಾವ ಸೃಷ್ಟಿಸಿದರೆ ಅವರ ವಿರುದ್ದ ಕಠಿಣ ಕ್ರಮ ಕೈಗೊಳ್ಳಲಾಗುವುದು. ರೈತರು ಆತಂಕ ಪಡದೆ ಕೃಷಿ ಚಟುವಟಿಕೆಗಳಲ್ಲಿ ತೊಡಗಬೇಕು.
-- ಶಂಕರಗೌಡ ಪಾಟೀಲ, ಉಪಾಧ್ಯಕ್ಷರು ರೈತ ಸಂಘ
ತಾಲೂಕಿನಲ್ಲಿ ಡಿಎಪಿ ಗೊಬ್ಬರದ ಕೊರತೆಯುಂಟಾಗಿದ್ದು ಬಿತ್ತನೆಗೆ ಬೇಕಾದ ಗೊಬ್ಬರಗಳನ್ನು ಪರ್ಯಾಯವಾಗಿ ಬಳಸಬೇಕು. ಮಳೆ ಚೆನ್ನಾಗಿ ಬಂದಿದ್ದು ರೈತರು ಬಿತ್ತನೆಗೆ ಸಜ್ಜಾಗುತ್ತಿದ್ದಾರೆ. ಸರ್ಕಾರ ಕೂಡಲೇ ಡಿಎಪಿ ಗೊಬ್ಬರ ಪೂರೈಕೆ ಮಾಡಬೇಕು. ಇಲ್ಲದಿದ್ದರೆ ರೈತ ಸಂಘದಿಂದ ಉಗ್ರ ಹೋರಾಟ ನಡೆಸಲಾಗುವುದು ಎಂದು ಎಚ್ಚರಿಕೆ ನೀಡಿದರು.
-- ಎನ್.ಬಿ. ಪಾಟೀಲ, ತಾಲೂಕಾ ರೈತ ಸಂಘದ ಅಧ್ಯಕ್ಷ
